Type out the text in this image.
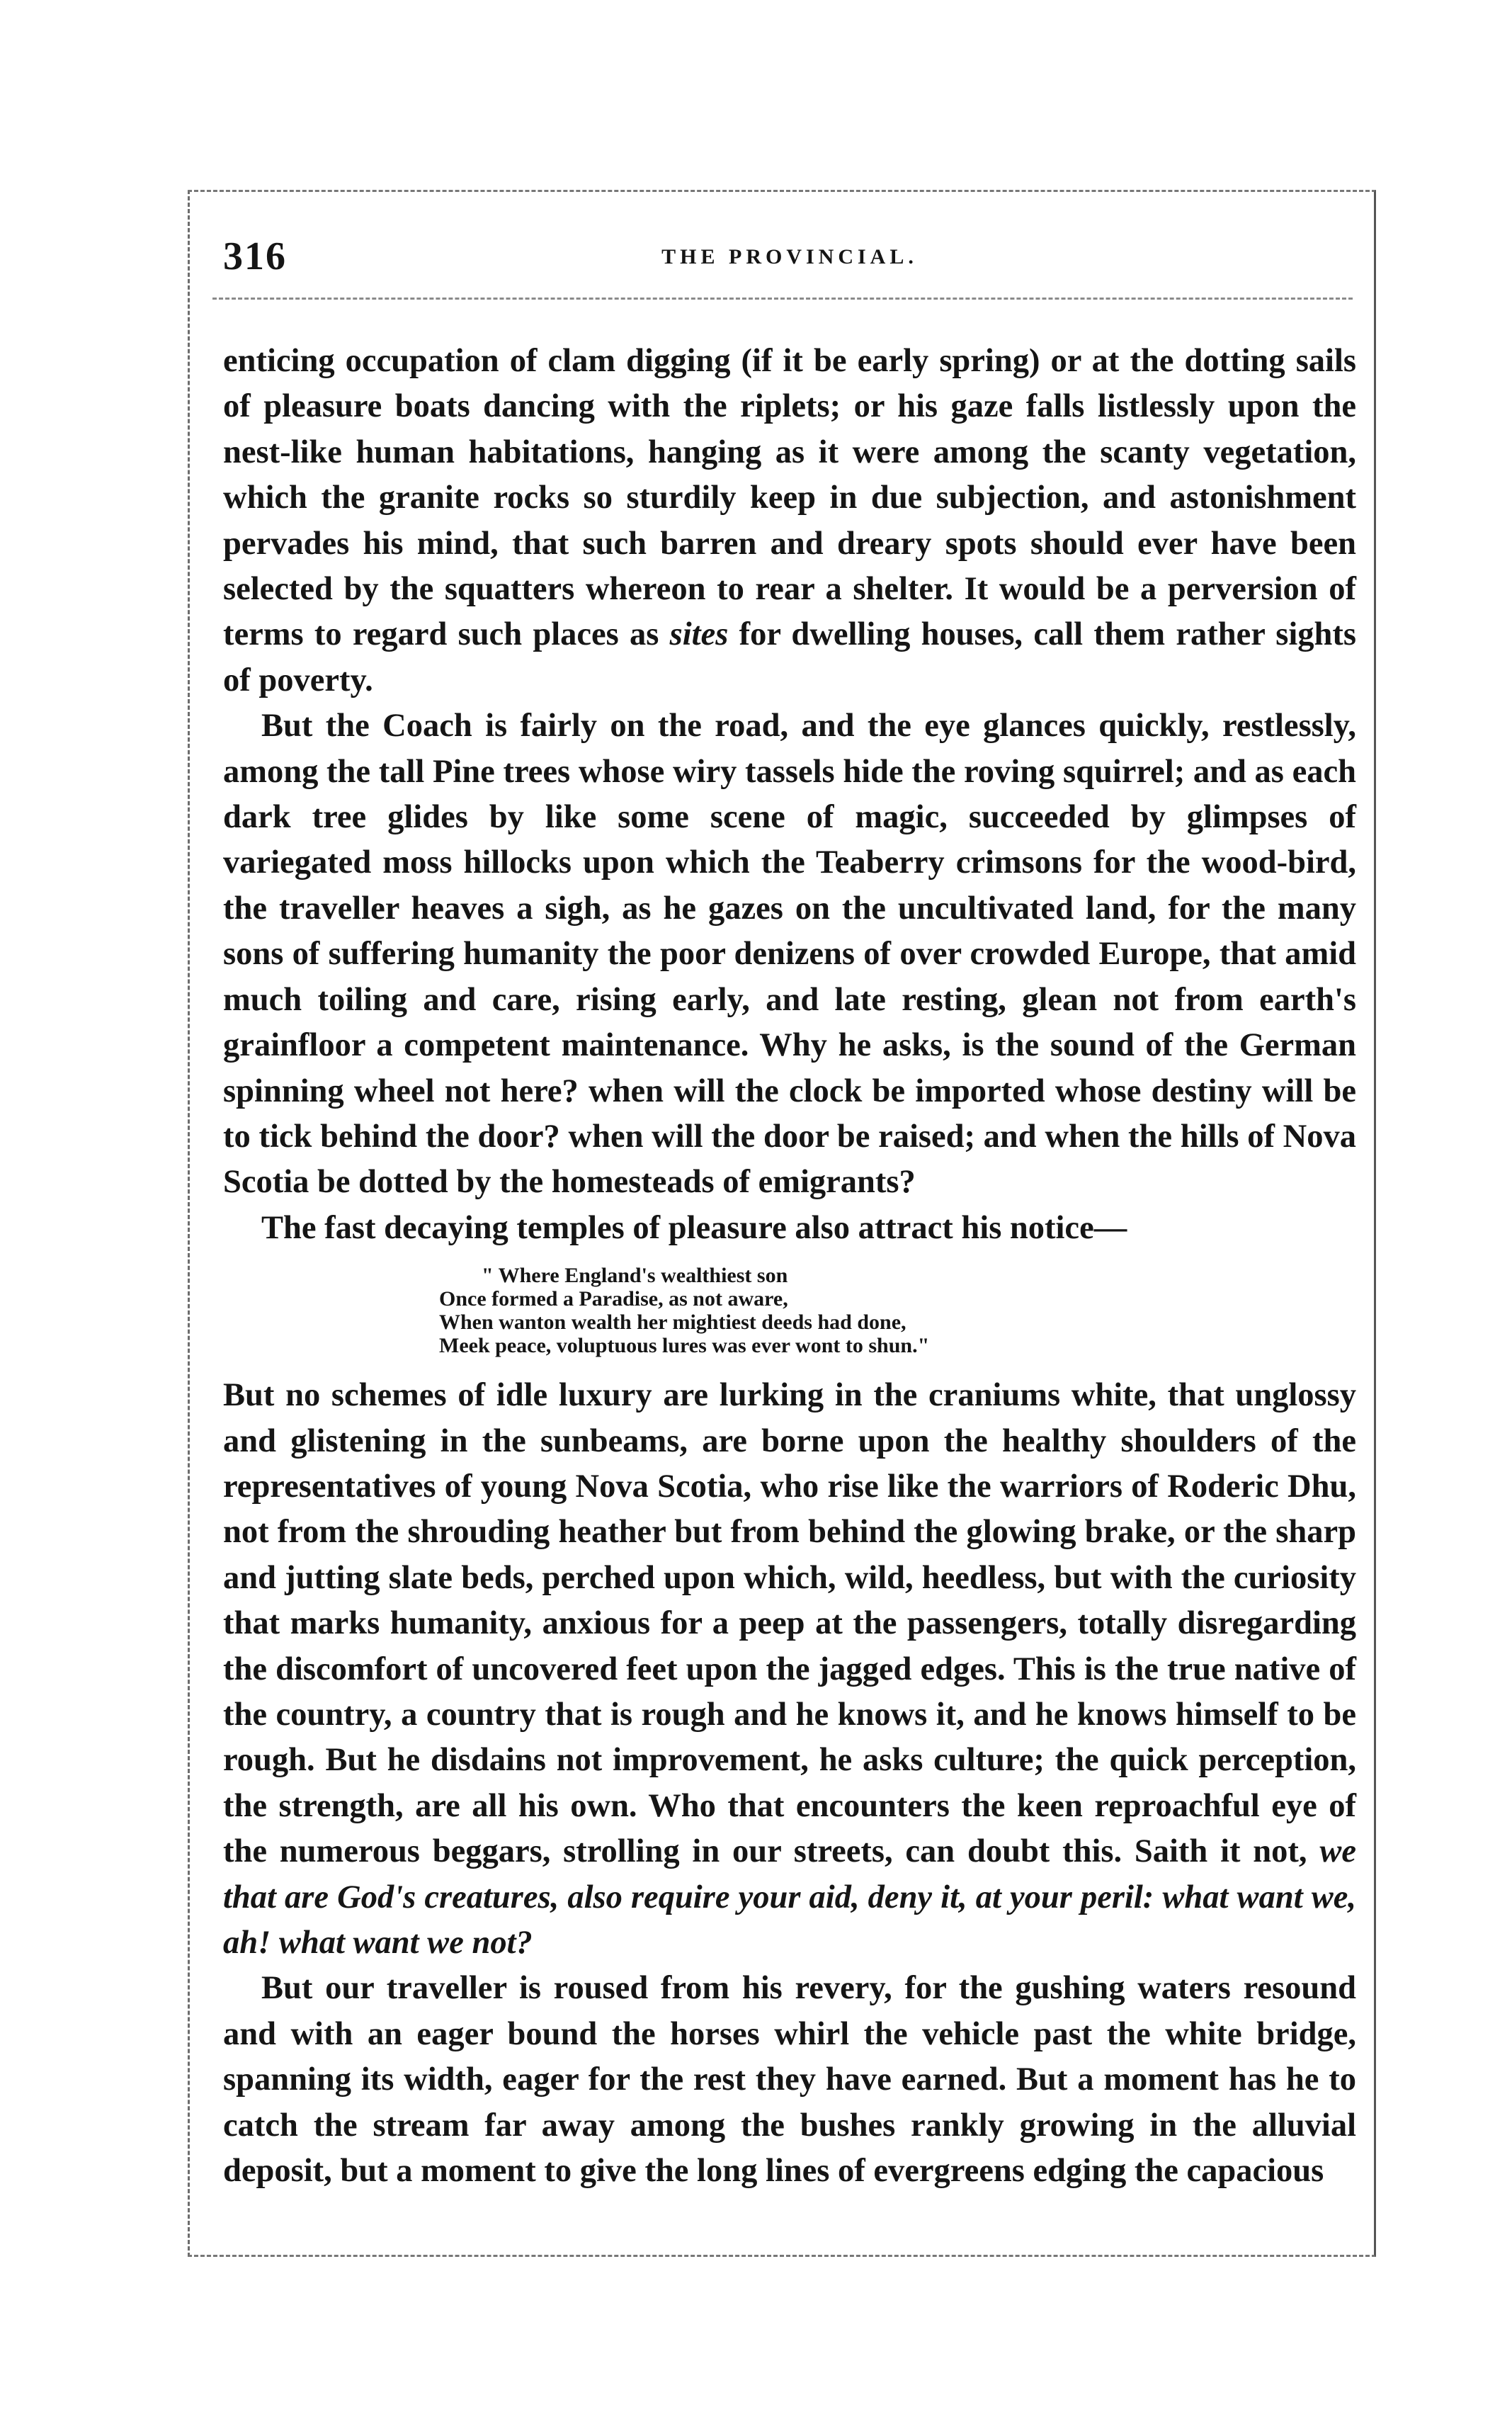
316	THE PROVINCIAL.

enticing occupation of clam digging (if it be early spring) or at the dotting sails of pleasure boats dancing with the riplets; or his gaze falls listlessly upon the nest-like human habitations, hanging as it were among the scanty vegetation, which the granite rocks so sturdily keep in due subjection, and astonishment pervades his mind, that such barren and dreary spots should ever have been selected by the squatters whereon to rear a shelter. It would be a perversion of terms to regard such places as sites for dwelling houses, call them rather sights of poverty.

But the Coach is fairly on the road, and the eye glances quickly, restlessly, among the tall Pine trees whose wiry tassels hide the roving squirrel; and as each dark tree glides by like some scene of magic, succeeded by glimpses of variegated moss hillocks upon which the Teaberry crimsons for the wood-bird, the traveller heaves a sigh, as he gazes on the uncultivated land, for the many sons of suffering humanity the poor denizens of over crowded Europe, that amid much toiling and care, rising early, and late resting, glean not from earth's grainfloor a competent maintenance. Why he asks, is the sound of the German spinning wheel not here? when will the clock be imported whose destiny will be to tick behind the door? when will the door be raised; and when the hills of Nova Scotia be dotted by the homesteads of emigrants?

The fast decaying temples of pleasure also attract his notice—

" Where England's wealthiest son
Once formed a Paradise, as not aware,
When wanton wealth her mightiest deeds had done,
Meek peace, voluptuous lures was ever wont to shun."

But no schemes of idle luxury are lurking in the craniums white, that unglossy and glistening in the sunbeams, are borne upon the healthy shoulders of the representatives of young Nova Scotia, who rise like the warriors of Roderic Dhu, not from the shrouding heather but from behind the glowing brake, or the sharp and jutting slate beds, perched upon which, wild, heedless, but with the curiosity that marks humanity, anxious for a peep at the passengers, totally disregarding the discomfort of uncovered feet upon the jagged edges. This is the true native of the country, a country that is rough and he knows it, and he knows himself to be rough. But he disdains not improvement, he asks culture; the quick perception, the strength, are all his own. Who that encounters the keen reproachful eye of the numerous beggars, strolling in our streets, can doubt this. Saith it not, we that are God's creatures, also require your aid, deny it, at your peril: what want we, ah! what want we not?

But our traveller is roused from his revery, for the gushing waters resound and with an eager bound the horses whirl the vehicle past the white bridge, spanning its width, eager for the rest they have earned. But a moment has he to catch the stream far away among the bushes rankly growing in the alluvial deposit, but a moment to give the long lines of evergreens edging the capacious
